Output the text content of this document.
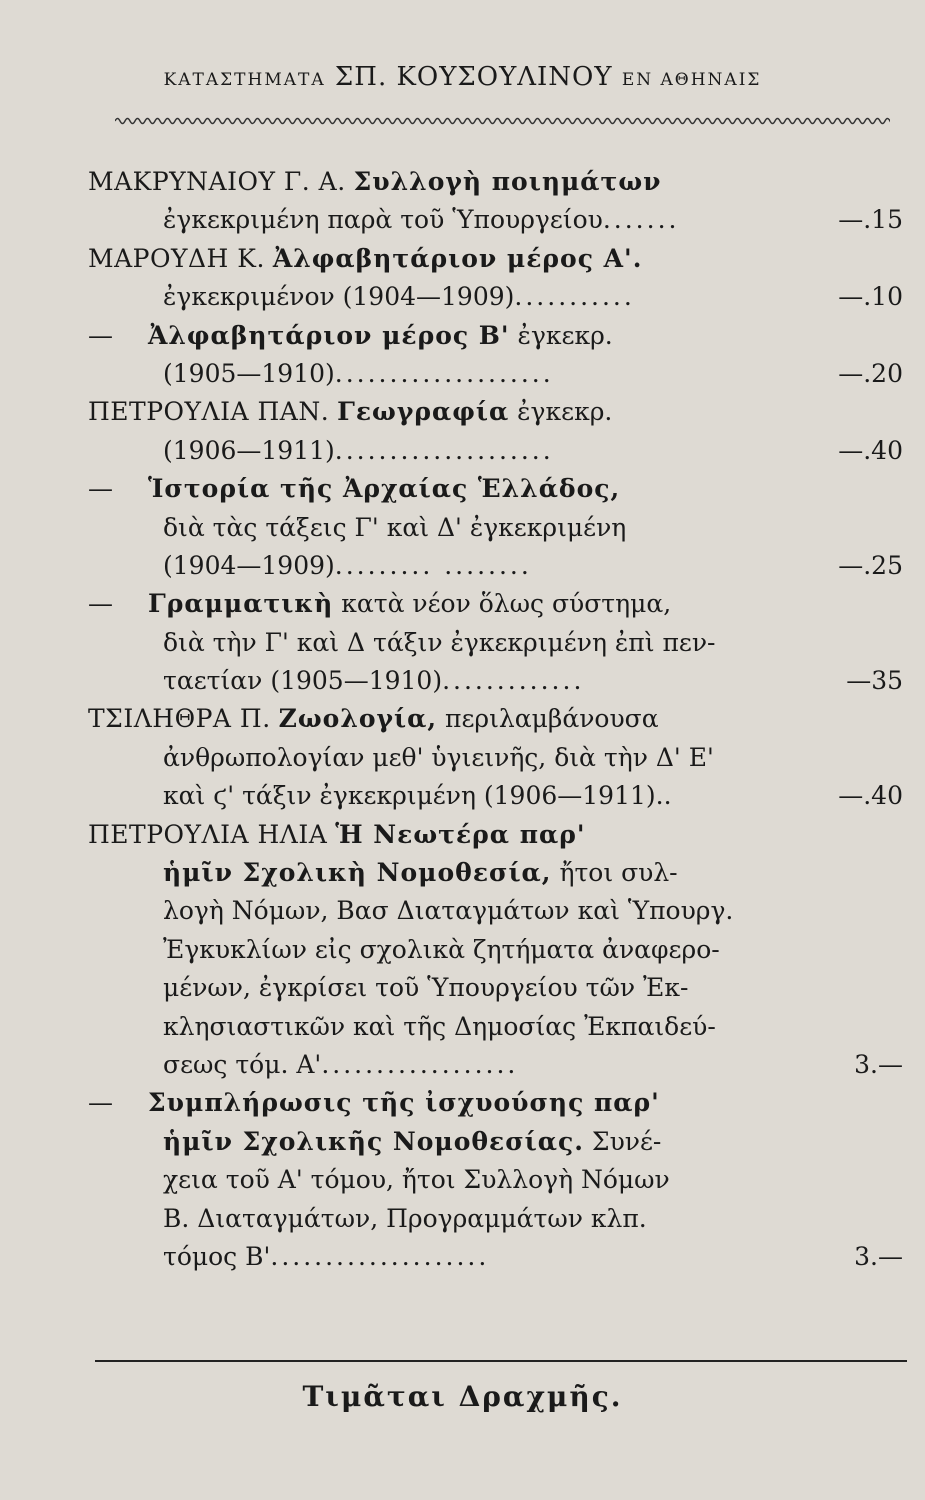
ΚΑΤΑΣΤΗΜΑΤΑ ΣΠ. ΚΟΥΣΟΥΛΙΝΟΥ ΕΝ ΑΘΗΝΑΙΣ
ΜΑΚΡΥΝΑΙΟΥ Γ. Α. Συλλογὴ ποιημάτων
ἐγκεκριμένη παρὰ τοῦ Ὑπουργείου.......	—.15
ΜΑΡΟΥΔΗ Κ. Ἀλφαβητάριον μέρος Α'.
ἐγκεκριμένον (1904—1909)...........	—.10
— Ἀλφαβητάριον μέρος Β' ἐγκεκρ.
(1905—1910)....................	—.20
ΠΕΤΡΟΥΛΙΑ ΠΑΝ. Γεωγραφία ἐγκεκρ.
(1906—1911)....................	—.40
— Ἱστορία τῆς Ἀρχαίας Ἑλλάδος,
διὰ τὰς τάξεις Γ' καὶ Δ' ἐγκεκριμένη
(1904—1909)......... ........	—.25
— Γραμματικὴ κατὰ νέον ὅλως σύστημα,
διὰ τὴν Γ' καὶ Δ τάξιν ἐγκεκριμένη ἐπὶ πεν-
ταετίαν (1905—1910).............	—35
ΤΣΙΛΗΘΡΑ Π. Ζωολογία, περιλαμβάνουσα
ἀνθρωπολογίαν μεθ' ὑγιεινῆς, διὰ τὴν Δ' Ε'
καὶ ϛ' τάξιν ἐγκεκριμένη (1906—1911)..	—.40
ΠΕΤΡΟΥΛΙΑ ΗΛΙΑ Ἡ Νεωτέρα παρ'
ἡμῖν Σχολικὴ Νομοθεσία, ἤτοι συλ-
λογὴ Νόμων, Βασ Διαταγμάτων καὶ Ὑπουργ.
Ἐγκυκλίων εἰς σχολικὰ ζητήματα ἀναφερο-
μένων, ἐγκρίσει τοῦ Ὑπουργείου τῶν Ἐκ-
κλησιαστικῶν καὶ τῆς Δημοσίας Ἐκπαιδεύ-
σεως τόμ. Α'..................	3.—
— Συμπλήρωσις τῆς ἰσχυούσης παρ'
ἡμῖν Σχολικῆς Νομοθεσίας. Συνέ-
χεια τοῦ Α' τόμου, ἤτοι Συλλογὴ Νόμων
Β. Διαταγμάτων, Προγραμμάτων κλπ.
τόμος Β'....................	3.—
Τιμᾶται Δραχμῆς.
